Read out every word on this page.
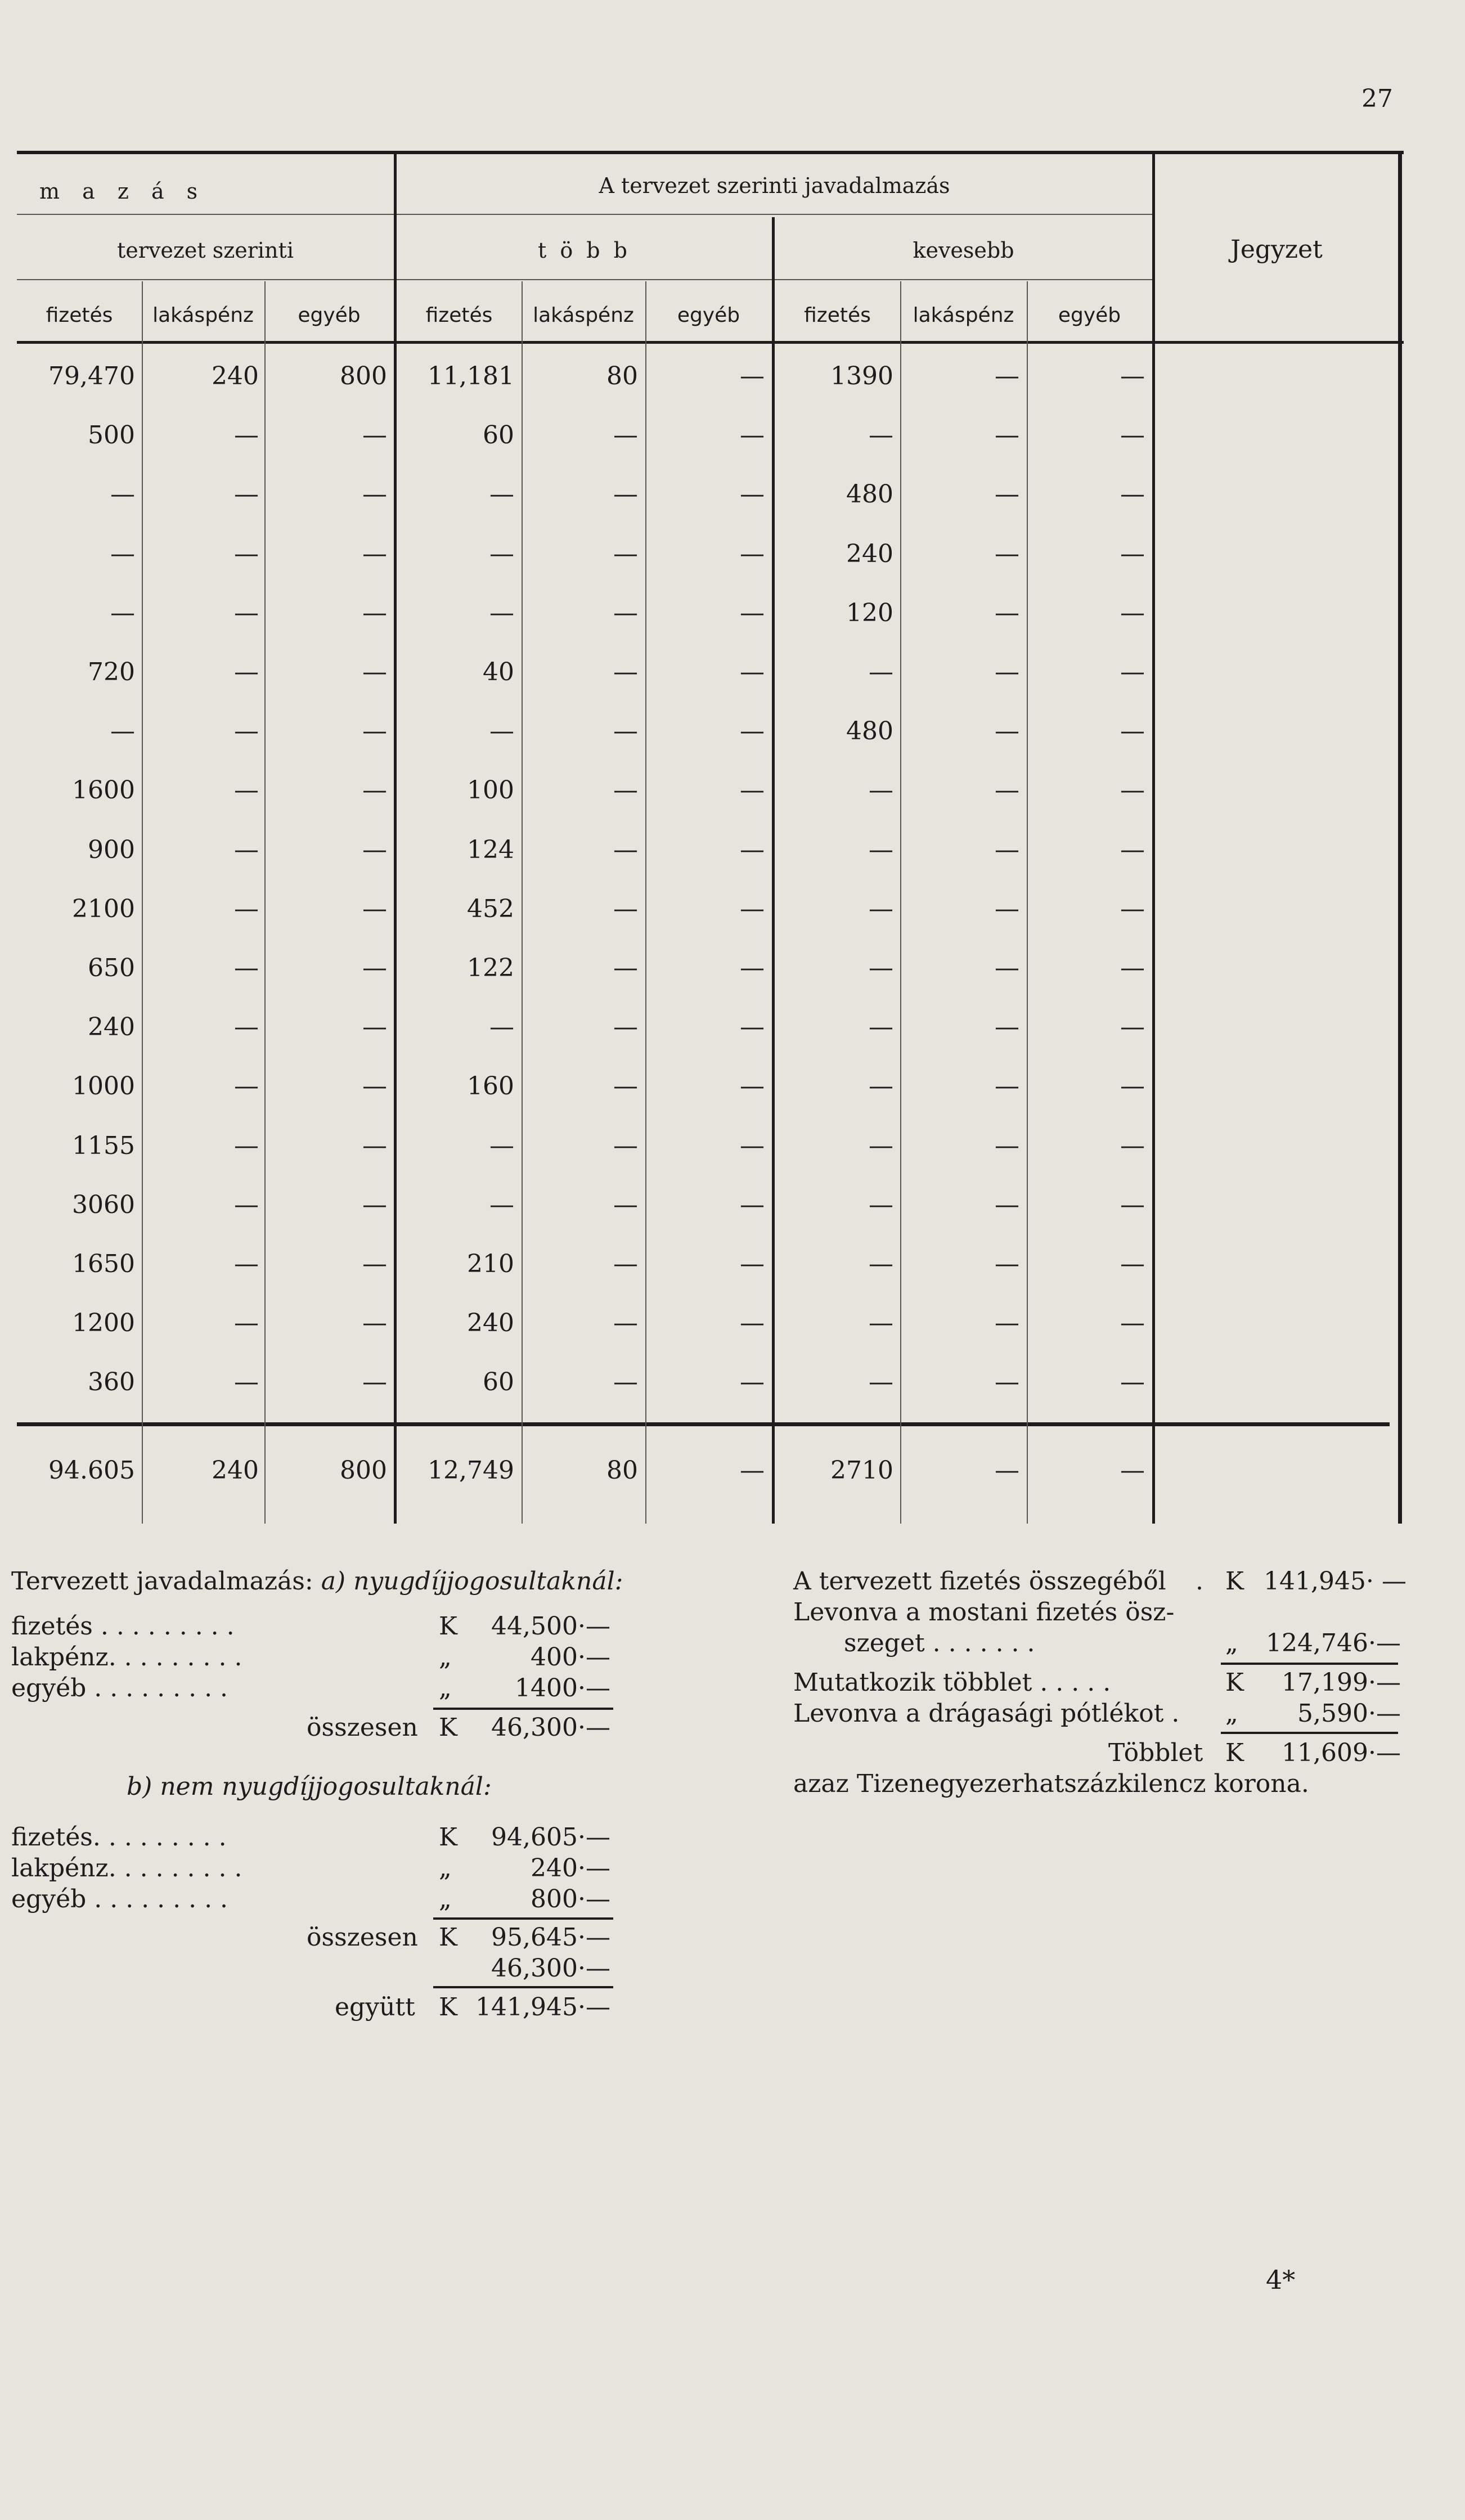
27
m a z á s	A tervezet szerinti javadalmazás
tervezet szerinti	t ö b b	kevesebb	Jegyzet
fizetés	lakáspénz	egyéb	fizetés	lakáspénz	egyéb	fizetés	lakáspénz	egyéb
79,470	240	800	11,181	80	—	1390	—	—
500	—	—	60	—	—	—	—	—
—	—	—	—	—	—	480	—	—
—	—	—	—	—	—	240	—	—
—	—	—	—	—	—	120	—	—
720	—	—	40	—	—	—	—	—
—	—	—	—	—	—	480	—	—
1600	—	—	100	—	—	—	—	—
900	—	—	124	—	—	—	—	—
2100	—	—	452	—	—	—	—	—
650	—	—	122	—	—	—	—	—
240	—	—	—	—	—	—	—	—
1000	—	—	160	—	—	—	—	—
1155	—	—	—	—	—	—	—	—
3060	—	—	—	—	—	—	—	—
1650	—	—	210	—	—	—	—	—
1200	—	—	240	—	—	—	—	—
360	—	—	60	—	—	—	—	—
94.605	240	800	12,749	80	—	2710	—	—
Tervezett javadalmazás: a) nyugdíjjogosultaknál:
fizetés . . . . . . . . .	K	44,500·—
lakpénz. . . . . . . . .	„	400·—
egyéb . . . . . . . . .	„	1400·—
összesen K	46,300·—
b) nem nyugdíjjogosultaknál:
fizetés. . . . . . . . .	K	94,605·—
lakpénz. . . . . . . . .	„	240·—
egyéb . . . . . . . . .	„	800·—
összesen K	95,645·—
46,300·—
együtt K 141,945·—
A tervezett fizetés összegéből . K 141,945· —
Levonva a mostani fizetés ösz-
szeget . . . . . . .	„	124,746·—
Mutatkozik többlet . . . . .	K	17,199·—
Levonva a drágasági pótlékot . „	5,590·—
Többlet K	11,609·—
azaz Tizenegyezerhatszázkilencz korona.
4*
